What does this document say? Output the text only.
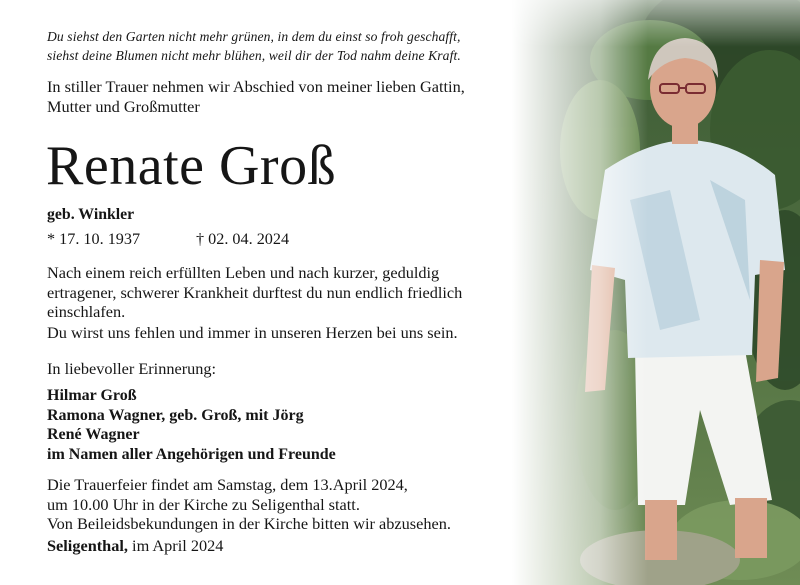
Du siehst den Garten nicht mehr grünen, in dem du einst so froh geschafft,
siehst deine Blumen nicht mehr blühen, weil dir der Tod nahm deine Kraft.
In stiller Trauer nehmen wir Abschied von meiner lieben Gattin,
Mutter und Großmutter
Renate Groß
geb. Winkler
* 17. 10. 1937	† 02. 04. 2024
Nach einem reich erfüllten Leben und nach kurzer, geduldig
ertragener, schwerer Krankheit durftest du nun endlich friedlich
einschlafen.
Du wirst uns fehlen und immer in unseren Herzen bei uns sein.
In liebevoller Erinnerung:
Hilmar Groß
Ramona Wagner, geb. Groß, mit Jörg
René Wagner
im Namen aller Angehörigen und Freunde
Die Trauerfeier findet am Samstag, dem 13.April 2024,
um 10.00 Uhr in der Kirche zu Seligenthal statt.
Von Beileidsbekundungen in der Kirche bitten wir abzusehen.
Seligenthal, im April 2024
